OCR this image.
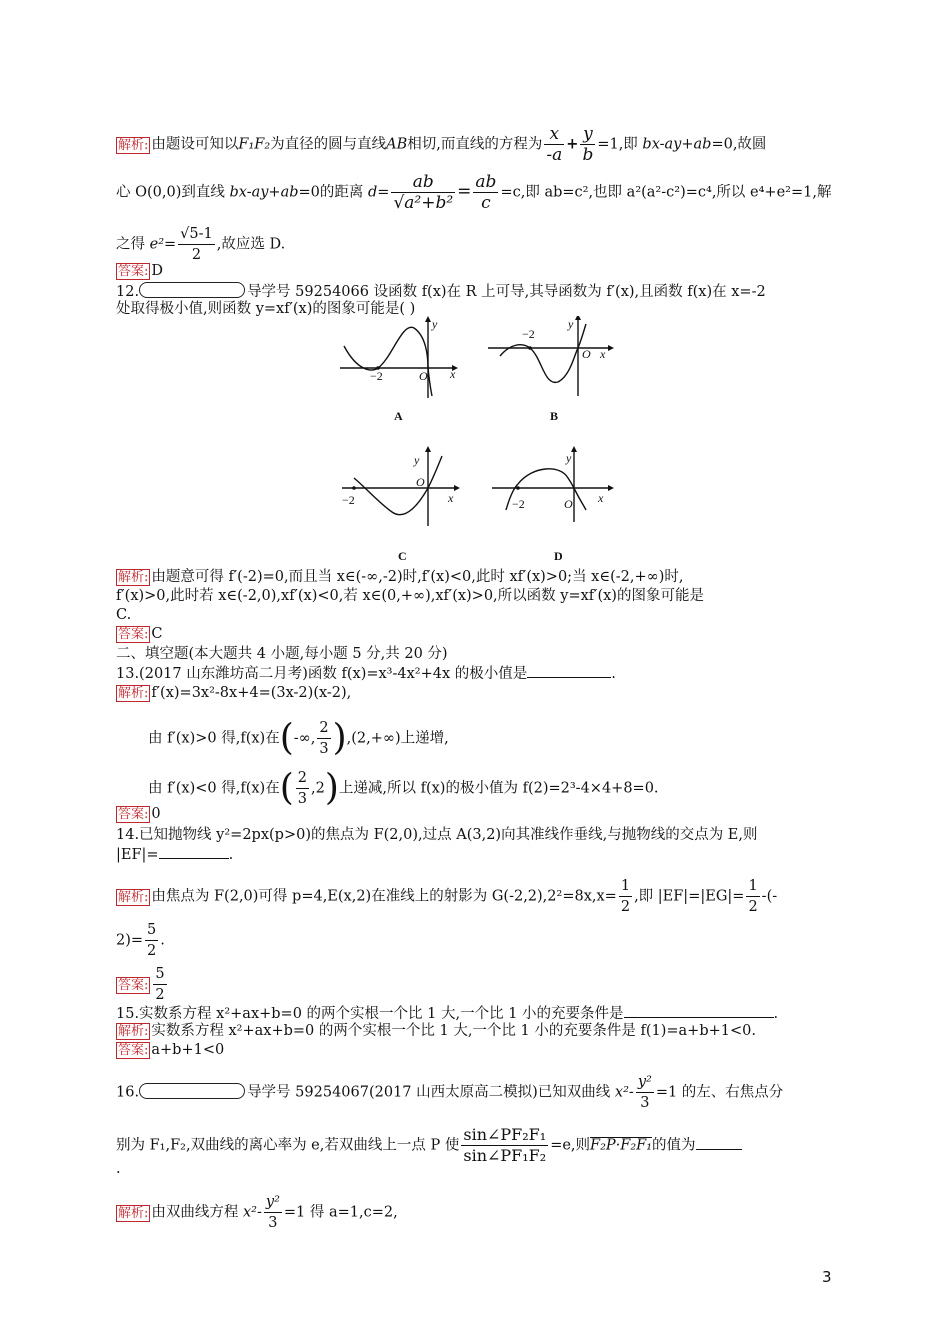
解析: 由题设可知以F₁F₂为直径的圆与直线AB相切,而直线的方程为 $\frac{x}{-a} + \frac{y}{b} =1$,即 bx-ay+ab=0,故圆
心 O(0,0)到直线 bx-ay+ab=0的距离 $d= \frac{ab}{\text{√a²+b²}} = \frac{ab}{c} =c$,即 ab=c²,也即 a²(a²-c²)=c⁴,所以 e⁴+e²=1,解
之得 $e^2= \frac{√5-1}{2}$ ,故应选 D.
答案: D
12.	导学号 59254066 设函数 f(x)在 R 上可导,其导函数为 f′(x),且函数 f(x)在 x=-2
处取得极小值,则函数 y=xf′(x)的图象可能是( )
−2	O x
y
A
−2
O x
y
B
−2
O
x
y
C
−2	O x
y
D
解析: 由题意可得 f′(-2)=0,而且当 x∈(-∞,-2)时,f′(x)<0,此时 xf′(x)>0;当 x∈(-2,+∞)时,
f′(x)>0,此时若 x∈(-2,0),xf′(x)<0,若 x∈(0,+∞),xf′(x)>0,所以函数 y=xf′(x)的图象可能是
C.
答案: C
二、填空题(本大题共 4 小题,每小题 5 分,共 20 分)
13.(2017 山东潍坊高二月考)函数 f(x)=x³-4x²+4x 的极小值是	.
解析: f′(x)=3x²-8x+4=(3x-2)(x-2),
由 f′(x)>0 得,f(x)在(-∞, $\frac{2}{3} ),(2,+\infty)$上递增,
由 f′(x)<0 得,f(x)在( $\frac{2}{3} ,2$)上递减,所以 f(x)的极小值为 f(2)=2³-4×4+8=0.
答案: 0
14.已知抛物线 y²=2px(p>0)的焦点为 F(2,0),过点 A(3,2)向其准线作垂线,与抛物线的交点为 E,则
|EF|=	.
解析: 由焦点为 F(2,0)可得 p=4,E(x,2)在准线上的射影为 $G(-2,2),2^2=8x,x= \frac{1}{2}$ ,即 $|EF|=|EG|= \frac{1}{2}$ -(-
$2)= \frac{5}{2}$ .
答案: $\frac{5}{2}$
15.实数系方程 x²+ax+b=0 的两个实根一个比 1 大,一个比 1 小的充要条件是	.
解析: 实数系方程 x²+ax+b=0 的两个实根一个比 1 大,一个比 1 小的充要条件是 f(1)=a+b+1<0.
答案: a+b+1<0
16.	导学号 59254067(2017 山西太原高二模拟)已知双曲线 $x^2- \frac{\text{y²}}{3} =1$ 的左、右焦点分
别为 F₁,F₂,双曲线的离心率为 e,若双曲线上一点 P 使 $\frac{\text{sin∠PF₂F₁}}{\text{sin∠PF₁F₂}} =e$,则F₂P·F₂F₁的值为
.
解析: 由双曲线方程 $x^2- \frac{\text{y²}}{3} =1$ 得 a=1,c=2,
3
